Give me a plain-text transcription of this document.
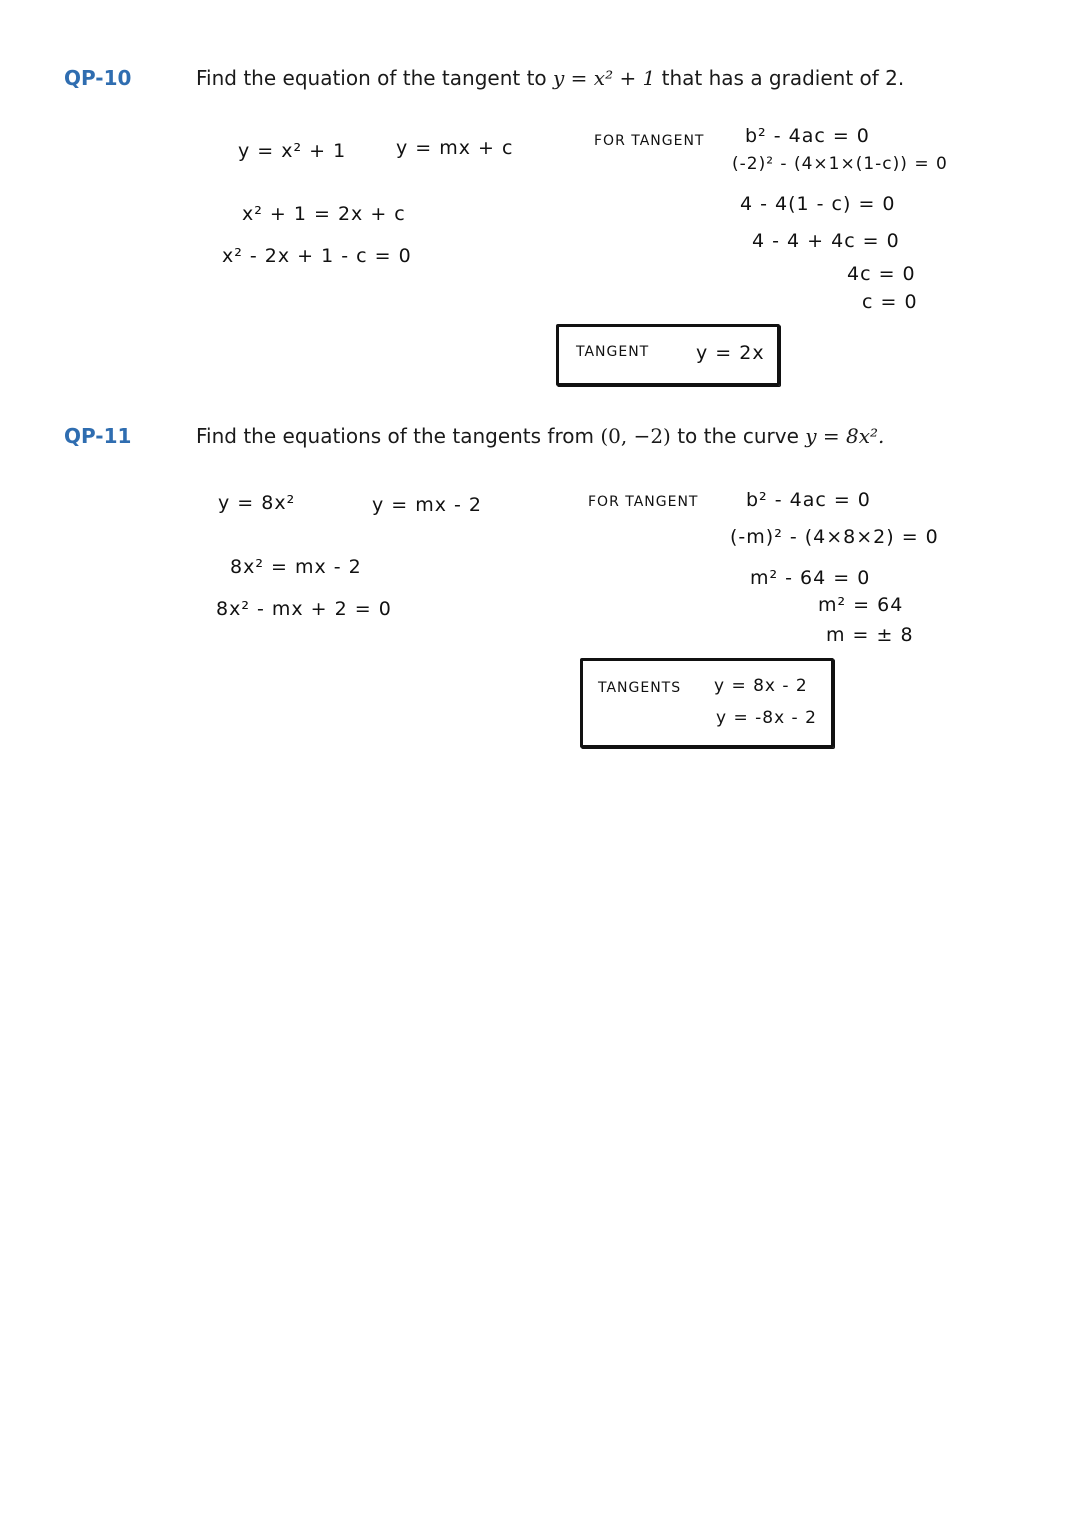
QP-10	Find the equation of the tangent to y = x² + 1 that has a gradient of 2.
y = x² + 1	y = mx + c
x² + 1 = 2x + c
x² - 2x + 1 - c = 0
FOR TANGENT b² - 4ac = 0
(-2)² - (4×1×(1-c)) = 0
4 - 4(1 - c) = 0
4 - 4 + 4c = 0
4c = 0
c = 0
TANGENT y = 2x
QP-11	Find the equations of the tangents from (0, −2) to the curve y = 8x².
y = 8x²	y = mx - 2
8x² = mx - 2
8x² - mx + 2 = 0
FOR TANGENT	b² - 4ac = 0
(-m)² - (4×8×2) = 0
m² - 64 = 0
m² = 64
m = ± 8
TANGENTS y = 8x - 2
y = -8x - 2
